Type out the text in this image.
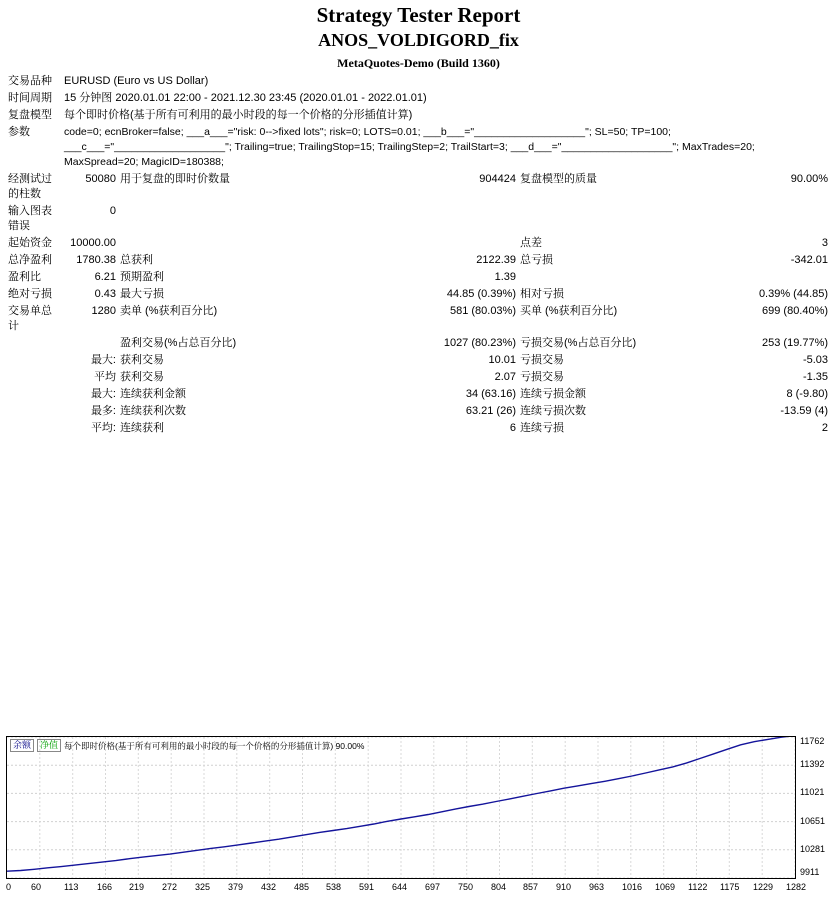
Strategy Tester Report
ANOS_VOLDIGORD_fix
MetaQuotes-Demo (Build 1360)
交易品种	EURUSD (Euro vs US Dollar)				
时间周期	15 分钟图 2020.01.01 22:00 - 2021.12.30 23:45 (2020.01.01 - 2022.01.01)				
复盘模型	每个即时价格(基于所有可利用的最小时段的每一个价格的分形插值计算)				
参数	code=0; ecnBroker=false; ___a___="risk: 0-->fixed lots"; risk=0; LOTS=0.01; ___b___="___________________"; SL=50; TP=100; ___c___="___________________"; Trailing=true; TrailingStop=15; TrailingStep=2; TrailStart=3; ___d___="___________________"; MaxTrades=20; MaxSpread=20; MagicID=180388;				
经测试过的柱数	50080	用于复盘的即时价数量	904424	复盘模型的质量	90.00%
输入图表错误	0				
起始资金	10000.00			点差	3
总净盈利	1780.38	总获利	2122.39	总亏损	-342.01
盈利比	6.21	预期盈利	1.39		
绝对亏损	0.43	最大亏损	44.85 (0.39%)	相对亏损	0.39% (44.85)
交易单总计	1280	卖单 (%获利百分比)	581 (80.03%)	买单 (%获利百分比)	699 (80.40%)
		盈利交易(%占总百分比)	1027 (80.23%)	亏损交易(%占总百分比)	253 (19.77%)
	最大:	获利交易	10.01	亏损交易	-5.03
	平均	获利交易	2.07	亏损交易	-1.35
	最大:	连续获利金额	34 (63.16)	连续亏损金额	8 (-9.80)
	最多:	连续获利次数	63.21 (26)	连续亏损次数	-13.59 (4)
	平均:	连续获利	6	连续亏损	2
余额	净值 每个即时价格(基于所有可利用的最小时段的每一个价格的分形插值计算) 90.00%	11762
11392
11021
10651
10281
9911
0 60	113 166 219 272 325 379 432 485 538 591 644 697 750 804 857 910 963 1016 1069 1122 1175 1229 1282
